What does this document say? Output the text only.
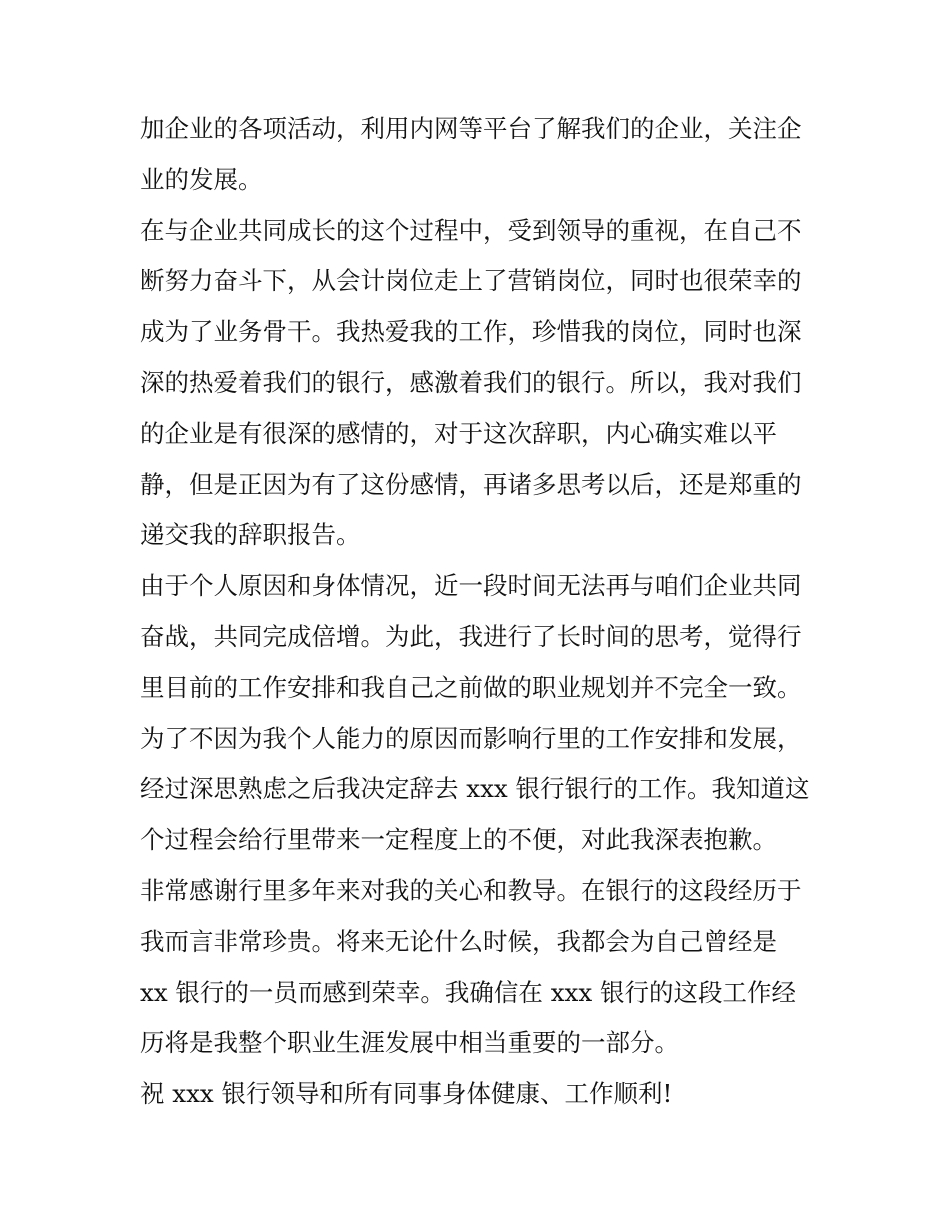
加企业的各项活动，利用内网等平台了解我们的企业，关注企
业的发展。
在与企业共同成长的这个过程中，受到领导的重视，在自己不
断努力奋斗下，从会计岗位走上了营销岗位，同时也很荣幸的
成为了业务骨干。我热爱我的工作，珍惜我的岗位，同时也深
深的热爱着我们的银行，感激着我们的银行。所以，我对我们
的企业是有很深的感情的，对于这次辞职，内心确实难以平
静，但是正因为有了这份感情，再诸多思考以后，还是郑重的
递交我的辞职报告。
由于个人原因和身体情况，近一段时间无法再与咱们企业共同
奋战，共同完成倍增。为此，我进行了长时间的思考，觉得行
里目前的工作安排和我自己之前做的职业规划并不完全一致。
为了不因为我个人能力的原因而影响行里的工作安排和发展，
经过深思熟虑之后我决定辞去 xxx 银行银行的工作。我知道这
个过程会给行里带来一定程度上的不便，对此我深表抱歉。
非常感谢行里多年来对我的关心和教导。在银行的这段经历于
我而言非常珍贵。将来无论什么时候，我都会为自己曾经是
xx 银行的一员而感到荣幸。我确信在 xxx 银行的这段工作经
历将是我整个职业生涯发展中相当重要的一部分。
祝 xxx 银行领导和所有同事身体健康、工作顺利!
